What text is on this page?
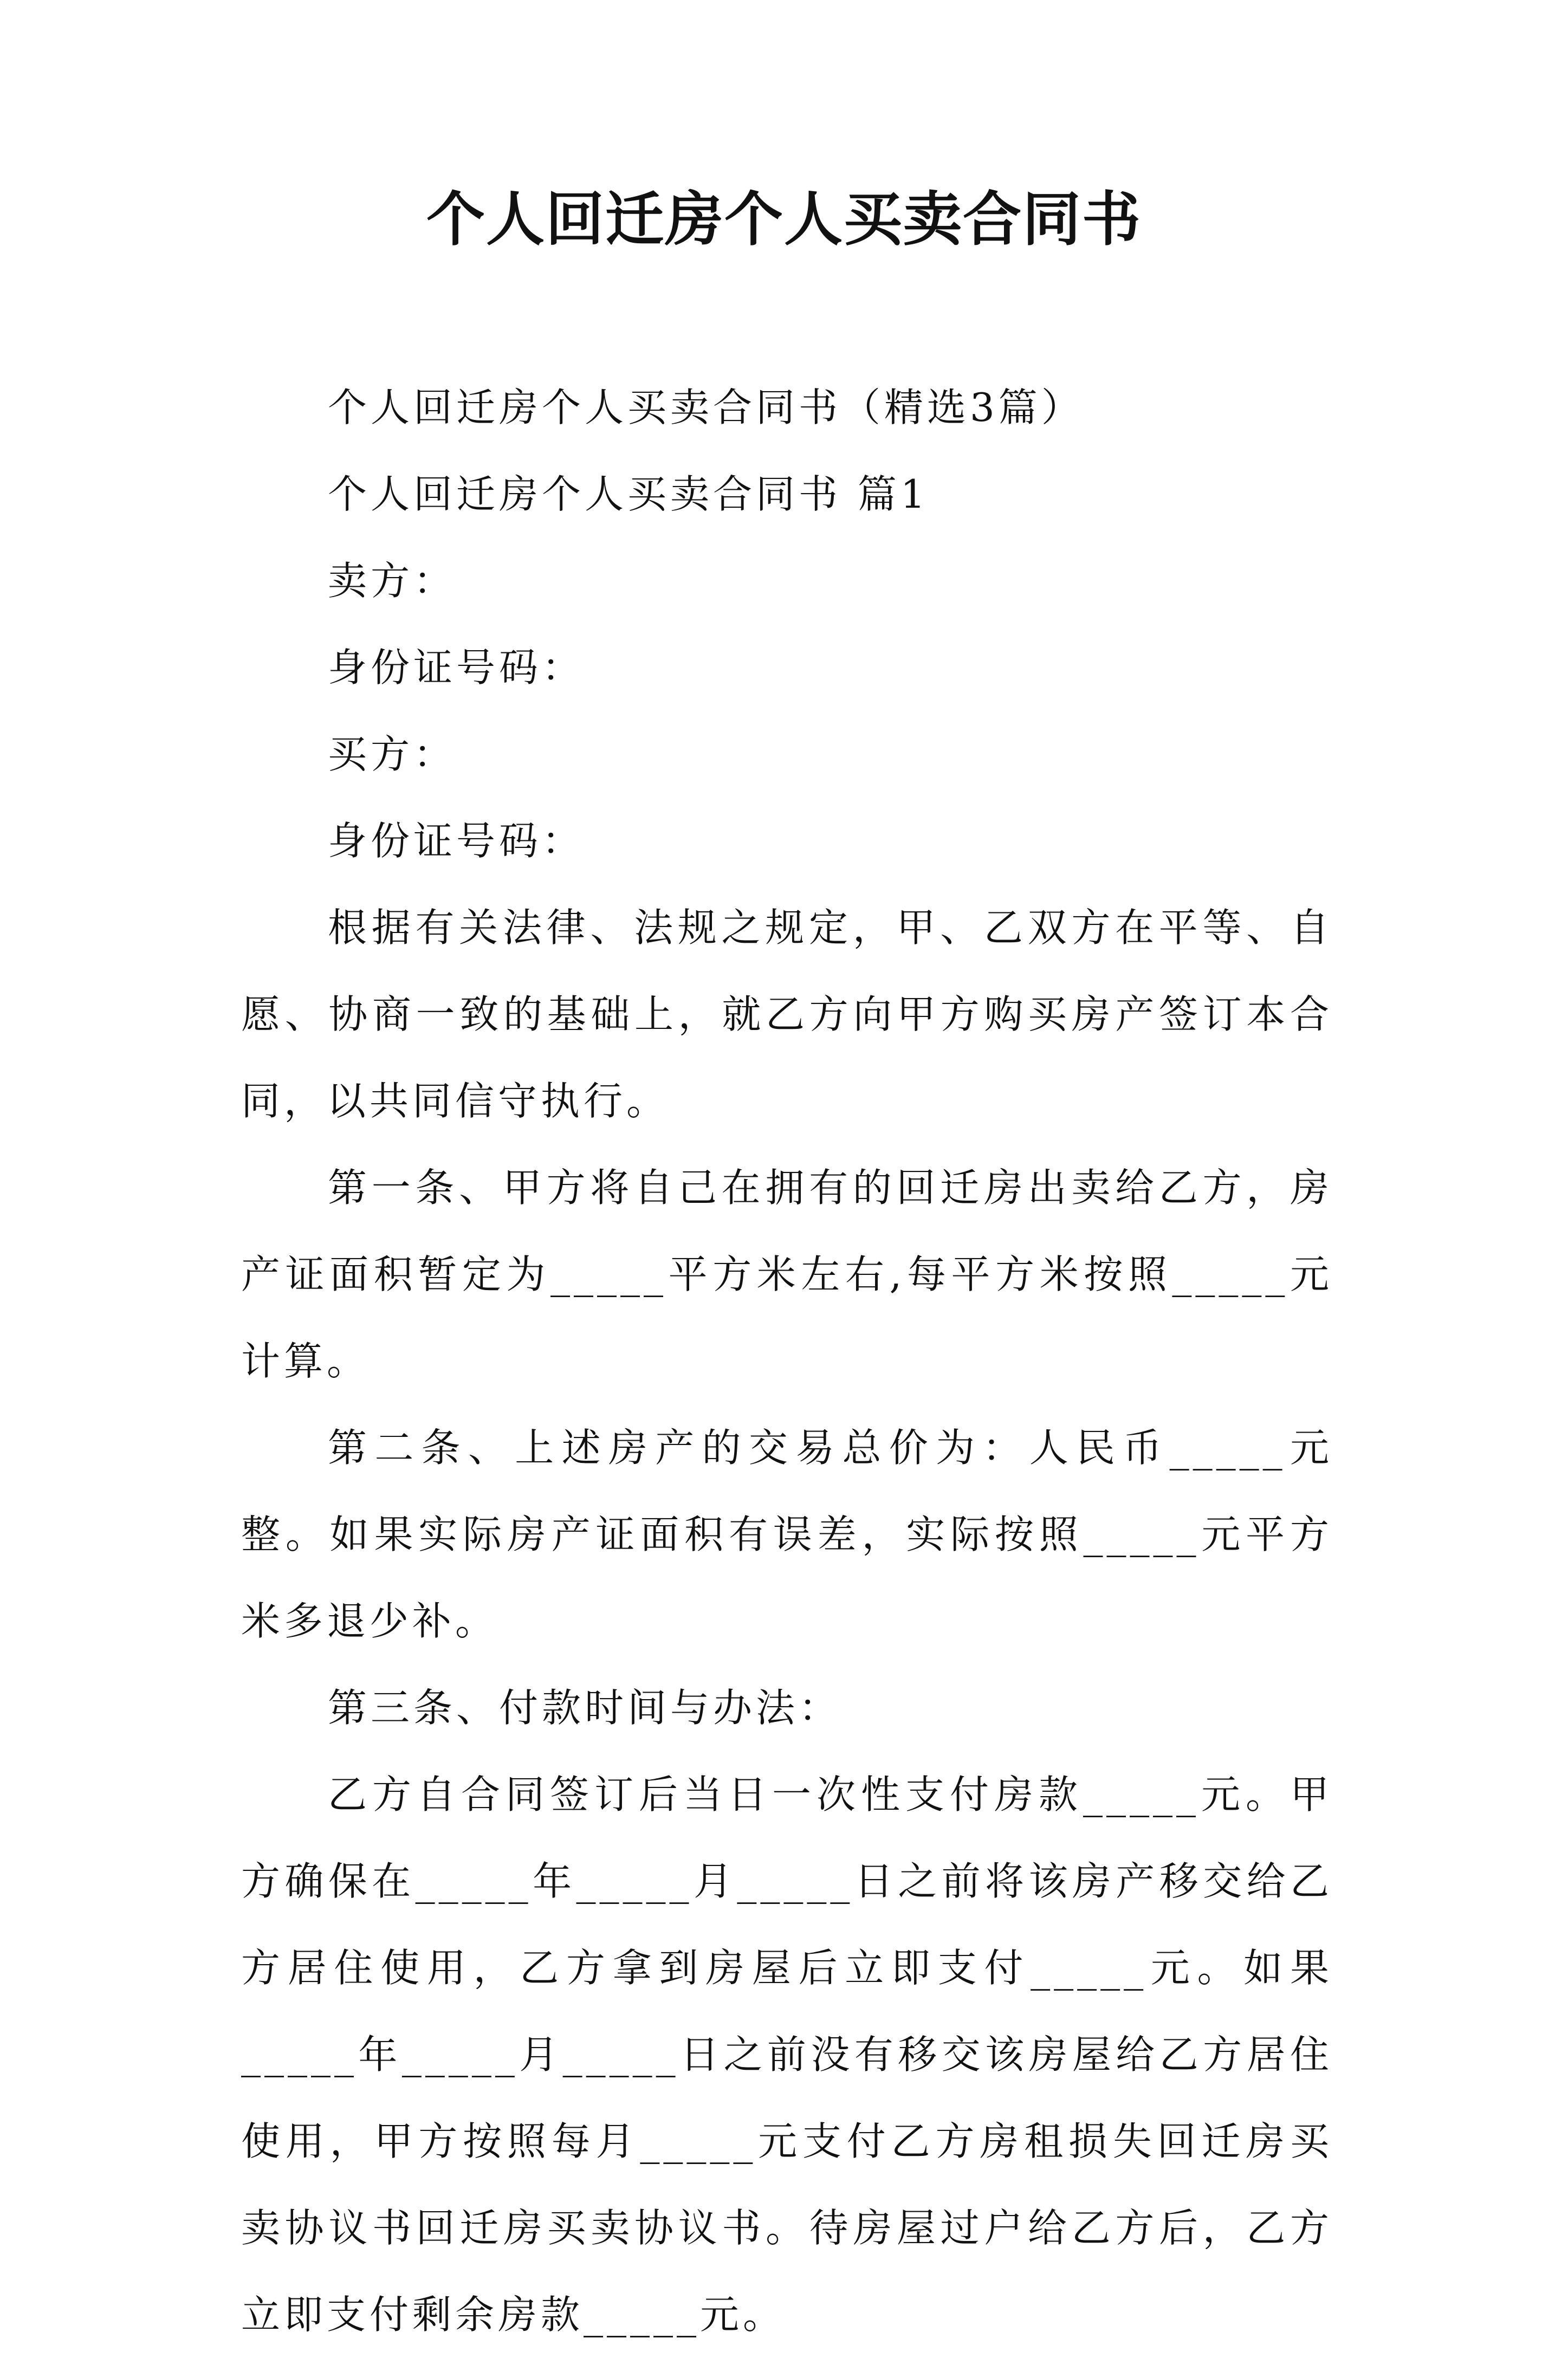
个人回迁房个人买卖合同书

个人回迁房个人买卖合同书（精选3篇）

个人回迁房个人买卖合同书 篇1

卖方：

身份证号码：

买方：

身份证号码：

根据有关法律、法规之规定，甲、乙双方在平等、自愿、协商一致的基础上，就乙方向甲方购买房产签订本合同，以共同信守执行。

第一条、甲方将自己在拥有的回迁房出卖给乙方，房产证面积暂定为_____平方米左右,每平方米按照_____元计算。

第二条、上述房产的交易总价为：人民币_____元整。如果实际房产证面积有误差，实际按照_____元平方米多退少补。

第三条、付款时间与办法：

乙方自合同签订后当日一次性支付房款_____元。甲方确保在_____年_____月_____日之前将该房产移交给乙方居住使用，乙方拿到房屋后立即支付_____元。如果_____年_____月_____日之前没有移交该房屋给乙方居住使用，甲方按照每月_____元支付乙方房租损失回迁房买卖协议书回迁房买卖协议书。待房屋过户给乙方后，乙方立即支付剩余房款_____元。
